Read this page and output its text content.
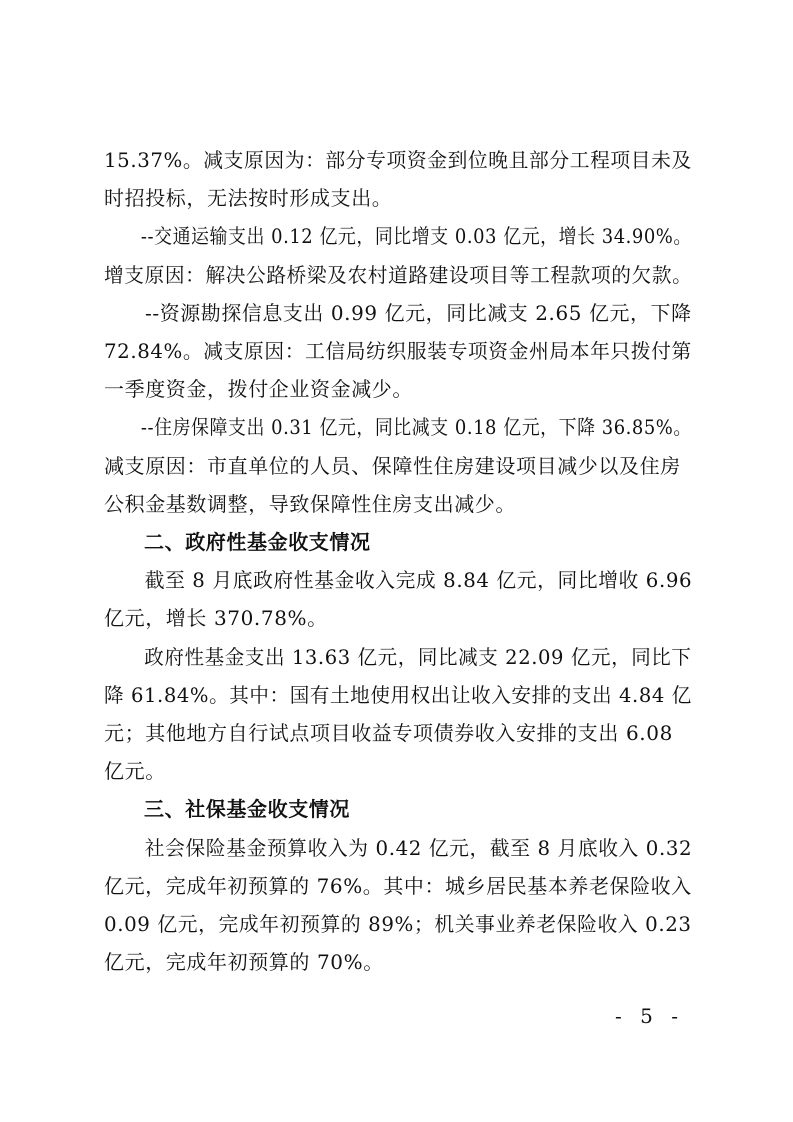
15.37%。减支原因为：部分专项资金到位晚且部分工程项目未及
时招投标，无法按时形成支出。

　　--交通运输支出 0.12 亿元，同比增支 0.03 亿元，增长 34.90%。
增支原因：解决公路桥梁及农村道路建设项目等工程款项的欠款。

　　--资源勘探信息支出 0.99 亿元，同比减支 2.65 亿元，下降
72.84%。减支原因：工信局纺织服装专项资金州局本年只拨付第
一季度资金，拨付企业资金减少。

　　--住房保障支出 0.31 亿元，同比减支 0.18 亿元，下降 36.85%。
减支原因：市直单位的人员、保障性住房建设项目减少以及住房
公积金基数调整，导致保障性住房支出减少。

二、政府性基金收支情况

　　截至 8 月底政府性基金收入完成 8.84 亿元，同比增收 6.96
亿元，增长 370.78%。

　　政府性基金支出 13.63 亿元，同比减支 22.09 亿元，同比下
降 61.84%。其中：国有土地使用权出让收入安排的支出 4.84 亿
元；其他地方自行试点项目收益专项债券收入安排的支出 6.08
亿元。

三、社保基金收支情况

　　社会保险基金预算收入为 0.42 亿元，截至 8 月底收入 0.32
亿元，完成年初预算的 76%。其中：城乡居民基本养老保险收入
0.09 亿元，完成年初预算的 89%；机关事业养老保险收入 0.23
亿元，完成年初预算的 70%。

- 5 -
